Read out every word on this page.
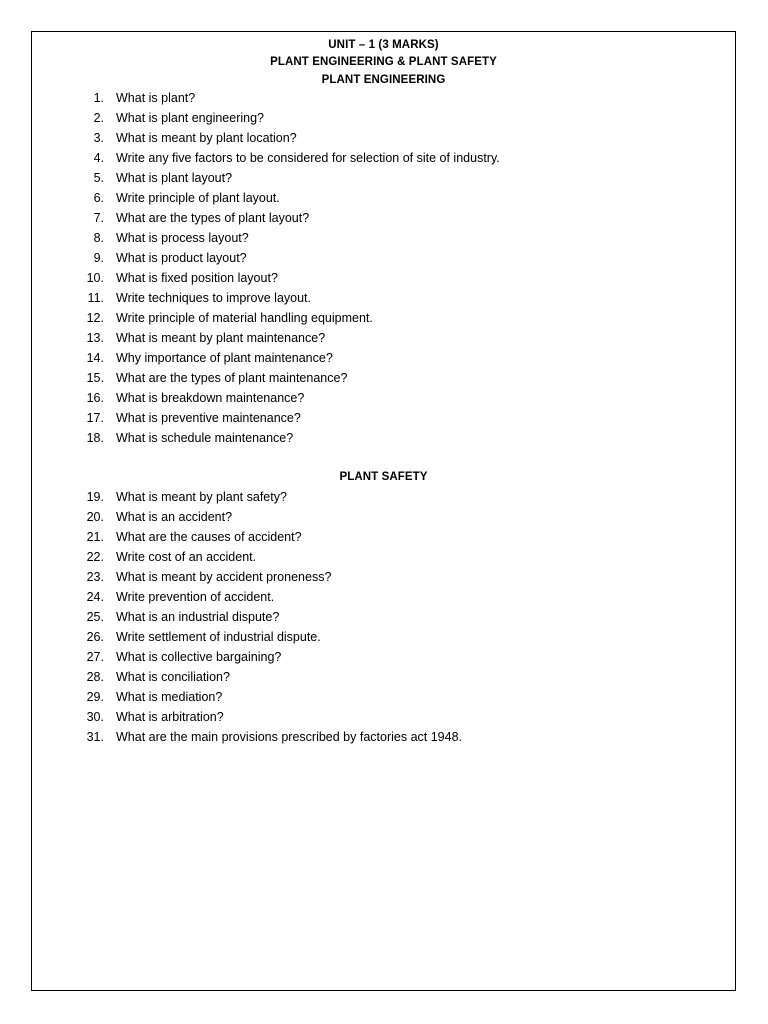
UNIT – 1 (3 MARKS)
PLANT ENGINEERING & PLANT SAFETY
PLANT ENGINEERING
1. What is plant?
2. What is plant engineering?
3. What is meant by plant location?
4. Write any five factors to be considered for selection of site of industry.
5. What is plant layout?
6. Write principle of plant layout.
7. What are the types of plant layout?
8. What is process layout?
9. What is product layout?
10. What is fixed position layout?
11. Write techniques to improve layout.
12. Write principle of material handling equipment.
13. What is meant by plant maintenance?
14. Why importance of plant maintenance?
15. What are the types of plant maintenance?
16. What is breakdown maintenance?
17. What is preventive maintenance?
18. What is schedule maintenance?
PLANT SAFETY
19. What is meant by plant safety?
20. What is an accident?
21. What are the causes of accident?
22. Write cost of an accident.
23. What is meant by accident proneness?
24. Write prevention of accident.
25. What is an industrial dispute?
26. Write settlement of industrial dispute.
27. What is collective bargaining?
28. What is conciliation?
29. What is mediation?
30. What is arbitration?
31. What are the main provisions prescribed by factories act 1948.
